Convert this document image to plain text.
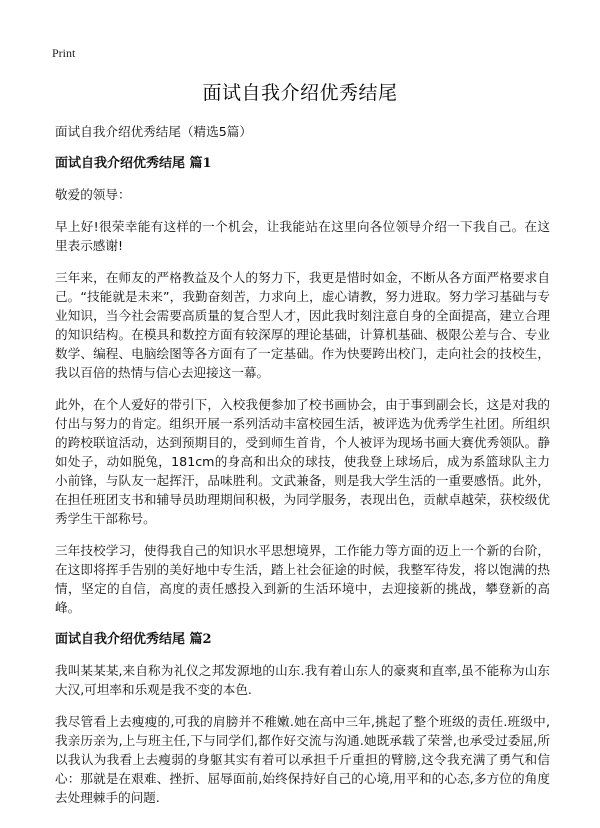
Print
面试自我介绍优秀结尾

面试自我介绍优秀结尾（精选5篇）

面试自我介绍优秀结尾 篇1

敬爱的领导：

早上好!很荣幸能有这样的一个机会，让我能站在这里向各位领导介绍一下我自己。在这里表示感谢!

三年来，在师友的严格教益及个人的努力下，我更是惜时如金，不断从各方面严格要求自己。“技能就是未来”，我勤奋刻苦，力求向上，虚心请教，努力进取。努力学习基础与专业知识，当今社会需要高质量的复合型人才，因此我时刻注意自身的全面提高，建立合理的知识结构。在模具和数控方面有较深厚的理论基础，计算机基础、极限公差与合、专业数学、编程、电脑绘图等各方面有了一定基础。作为快要跨出校门，走向社会的技校生，我以百倍的热情与信心去迎接这一幕。

此外，在个人爱好的带引下，入校我便参加了校书画协会，由于事到副会长，这是对我的付出与努力的肯定。组织开展一系列活动丰富校园生活，被评选为优秀学生社团。所组织的跨校联谊活动，达到预期目的，受到师生首肯，个人被评为现场书画大赛优秀领队。静如处子，动如脱兔，181cm的身高和出众的球技，使我登上球场后，成为系篮球队主力小前锋，与队友一起挥汗，品味胜利。文武兼备，则是我大学生活的一重要感悟。此外，在担任班团支书和辅导员助理期间积极，为同学服务，表现出色，贡献卓越荣，获校级优秀学生干部称号。

三年技校学习，使得我自己的知识水平思想境界，工作能力等方面的迈上一个新的台阶，在这即将挥手告别的美好地中专生活，踏上社会征途的时候，我整军待发，将以饱满的热情，坚定的自信，高度的责任感投入到新的生活环境中，去迎接新的挑战，攀登新的高峰。

面试自我介绍优秀结尾 篇2

我叫某某某,来自称为礼仪之邦发源地的山东.我有着山东人的豪爽和直率,虽不能称为山东大汉,可坦率和乐观是我不变的本色.

我尽管看上去瘦瘦的,可我的肩膀并不稚嫩.她在高中三年,挑起了整个班级的责任.班级中,我亲历亲为,上与班主任,下与同学们,都作好交流与沟通.她既承载了荣誉,也承受过委屈,所以我认为我看上去瘦弱的身躯其实有着可以承担千斤重担的臂膀,这令我充满了勇气和信心：那就是在艰难、挫折、屈辱面前,始终保持好自己的心境,用平和的心态,多方位的角度去处理棘手的问题.
